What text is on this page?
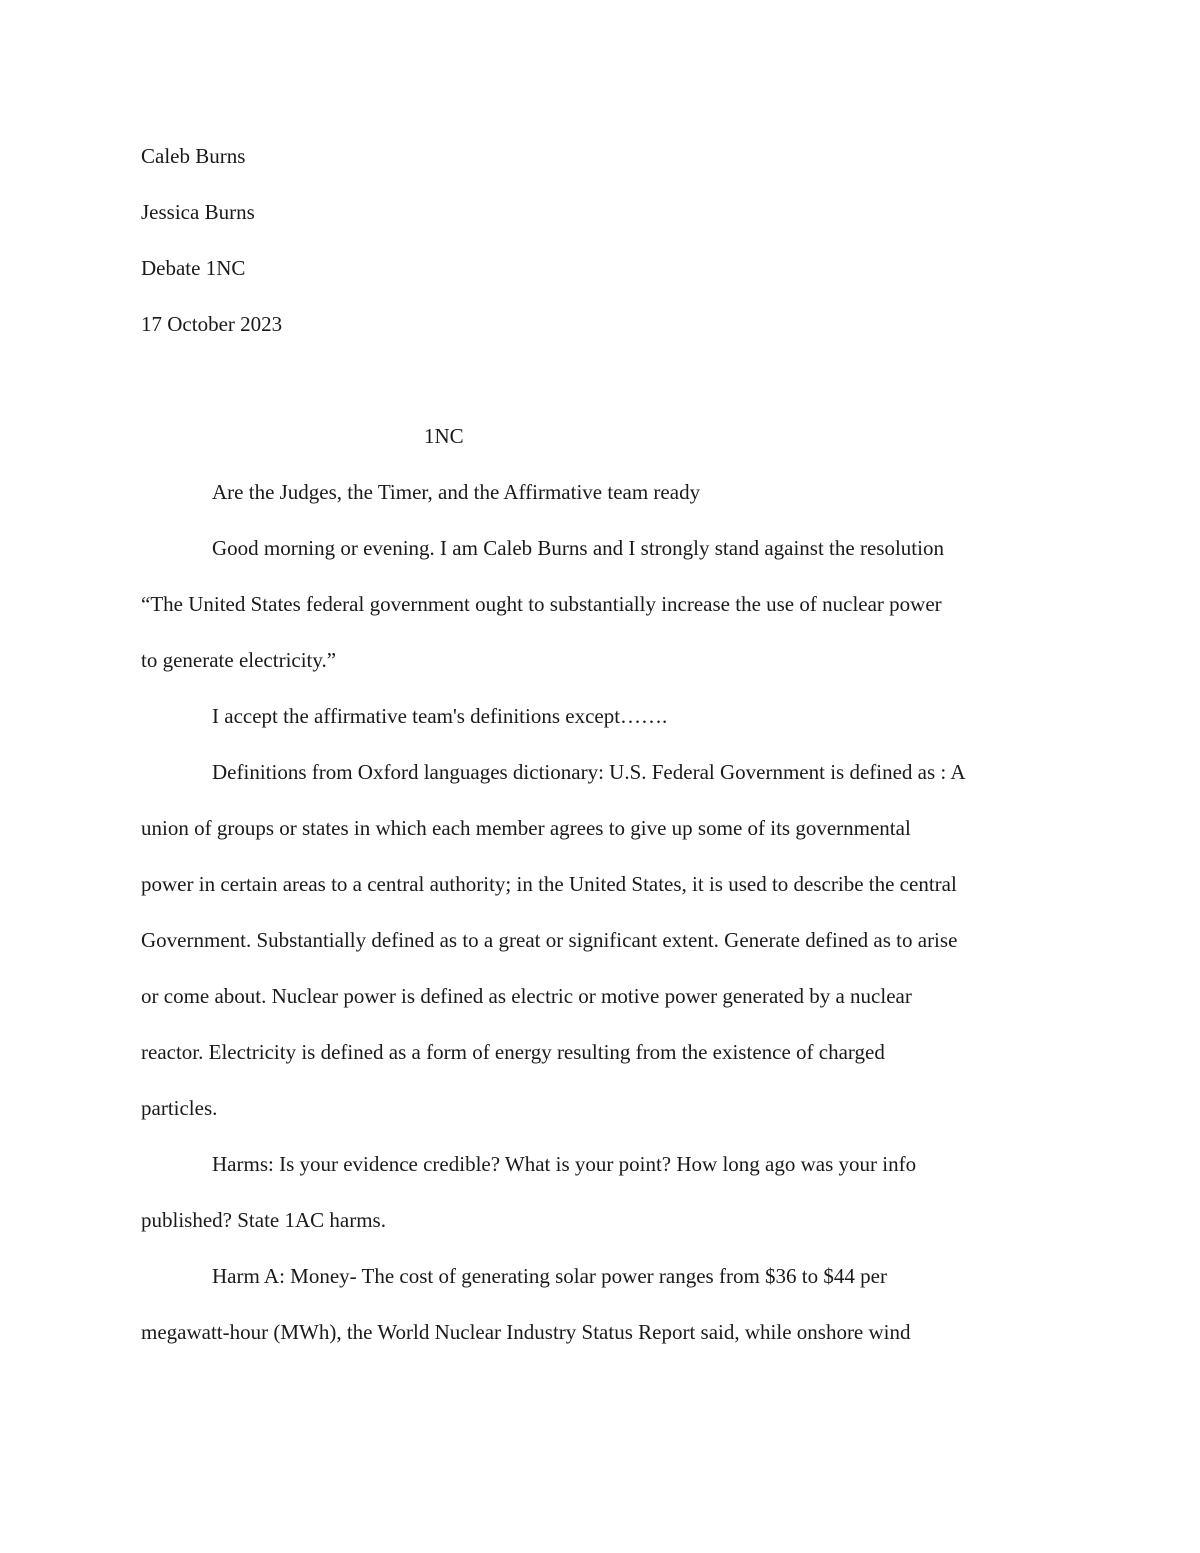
Caleb Burns
Jessica Burns
Debate 1NC
17 October 2023
1NC
Are the Judges, the Timer, and the Affirmative team ready
Good morning or evening. I am Caleb Burns and I strongly stand against the resolution
“The United States federal government ought to substantially increase the use of nuclear power
to generate electricity.”
I accept the affirmative team's definitions except…….
Definitions from Oxford languages dictionary: U.S. Federal Government is defined as : A
union of groups or states in which each member agrees to give up some of its governmental
power in certain areas to a central authority; in the United States, it is used to describe the central
Government. Substantially defined as to a great or significant extent. Generate defined as to arise
or come about. Nuclear power is defined as electric or motive power generated by a nuclear
reactor. Electricity is defined as a form of energy resulting from the existence of charged
particles.
Harms: Is your evidence credible? What is your point? How long ago was your info
published? State 1AC harms.
Harm A: Money- The cost of generating solar power ranges from $36 to $44 per
megawatt-hour (MWh), the World Nuclear Industry Status Report said, while onshore wind
